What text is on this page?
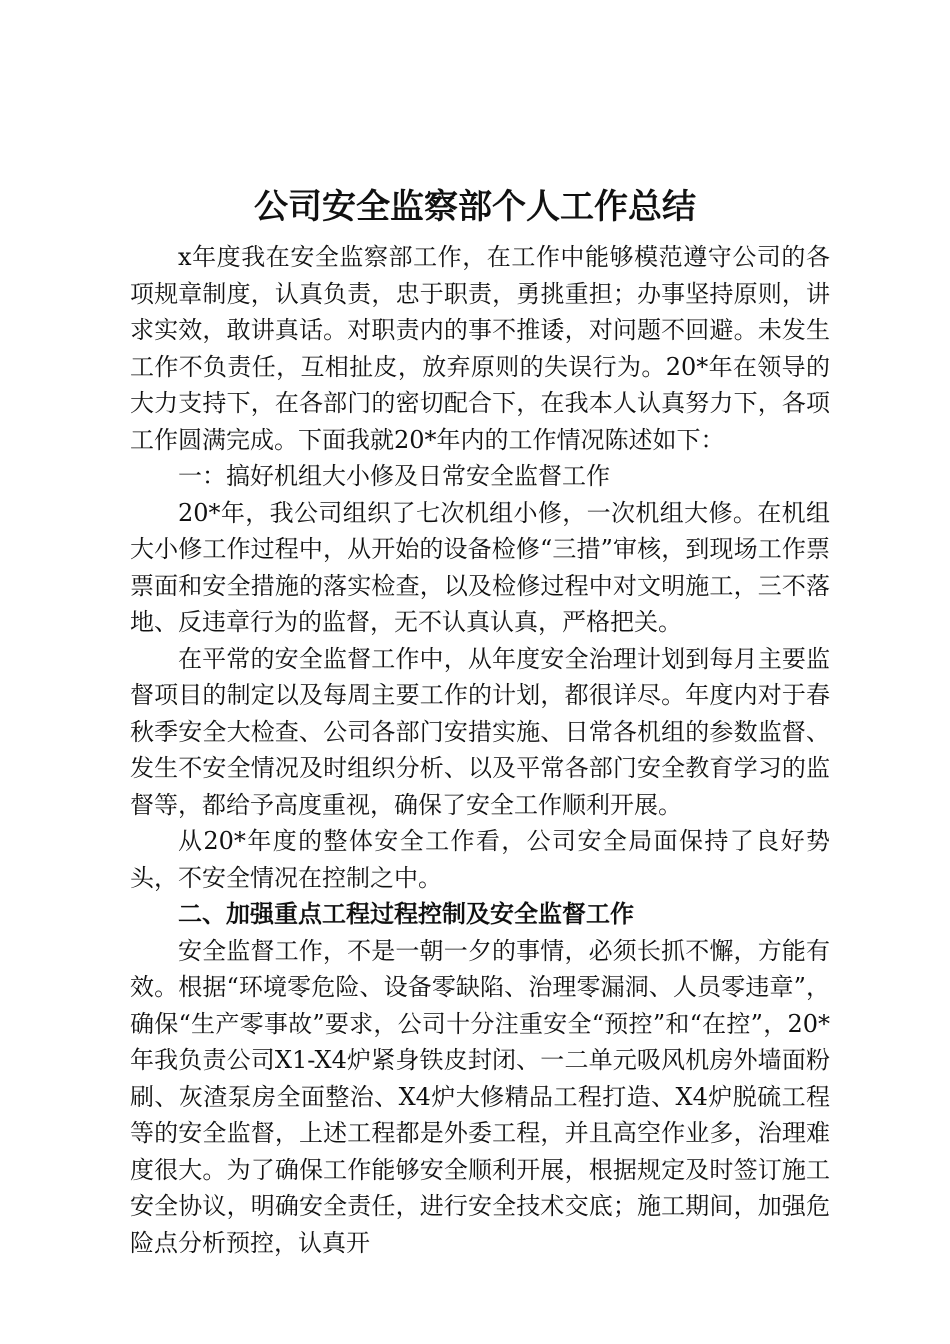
公司安全监察部个人工作总结

x年度我在安全监察部工作，在工作中能够模范遵守公司的各项规章制度，认真负责，忠于职责，勇挑重担；办事坚持原则，讲求实效，敢讲真话。对职责内的事不推诿，对问题不回避。未发生工作不负责任，互相扯皮，放弃原则的失误行为。20*年在领导的大力支持下，在各部门的密切配合下，在我本人认真努力下，各项工作圆满完成。下面我就20*年内的工作情况陈述如下：

一：搞好机组大小修及日常安全监督工作

20*年，我公司组织了七次机组小修，一次机组大修。在机组大小修工作过程中，从开始的设备检修“三措”审核，到现场工作票票面和安全措施的落实检查，以及检修过程中对文明施工，三不落地、反违章行为的监督，无不认真认真，严格把关。

在平常的安全监督工作中，从年度安全治理计划到每月主要监督项目的制定以及每周主要工作的计划，都很详尽。年度内对于春秋季安全大检查、公司各部门安措实施、日常各机组的参数监督、发生不安全情况及时组织分析、以及平常各部门安全教育学习的监督等，都给予高度重视，确保了安全工作顺利开展。

从20*年度的整体安全工作看，公司安全局面保持了良好势头，不安全情况在控制之中。

二、加强重点工程过程控制及安全监督工作

安全监督工作，不是一朝一夕的事情，必须长抓不懈，方能有效。根据“环境零危险、设备零缺陷、治理零漏洞、人员零违章”，确保“生产零事故”要求，公司十分注重安全“预控”和“在控”，20*年我负责公司X1-X4炉紧身铁皮封闭、一二单元吸风机房外墙面粉刷、灰渣泵房全面整治、X4炉大修精品工程打造、X4炉脱硫工程等的安全监督，上述工程都是外委工程，并且高空作业多，治理难度很大。为了确保工作能够安全顺利开展，根据规定及时签订施工安全协议，明确安全责任，进行安全技术交底；施工期间，加强危险点分析预控，认真开
